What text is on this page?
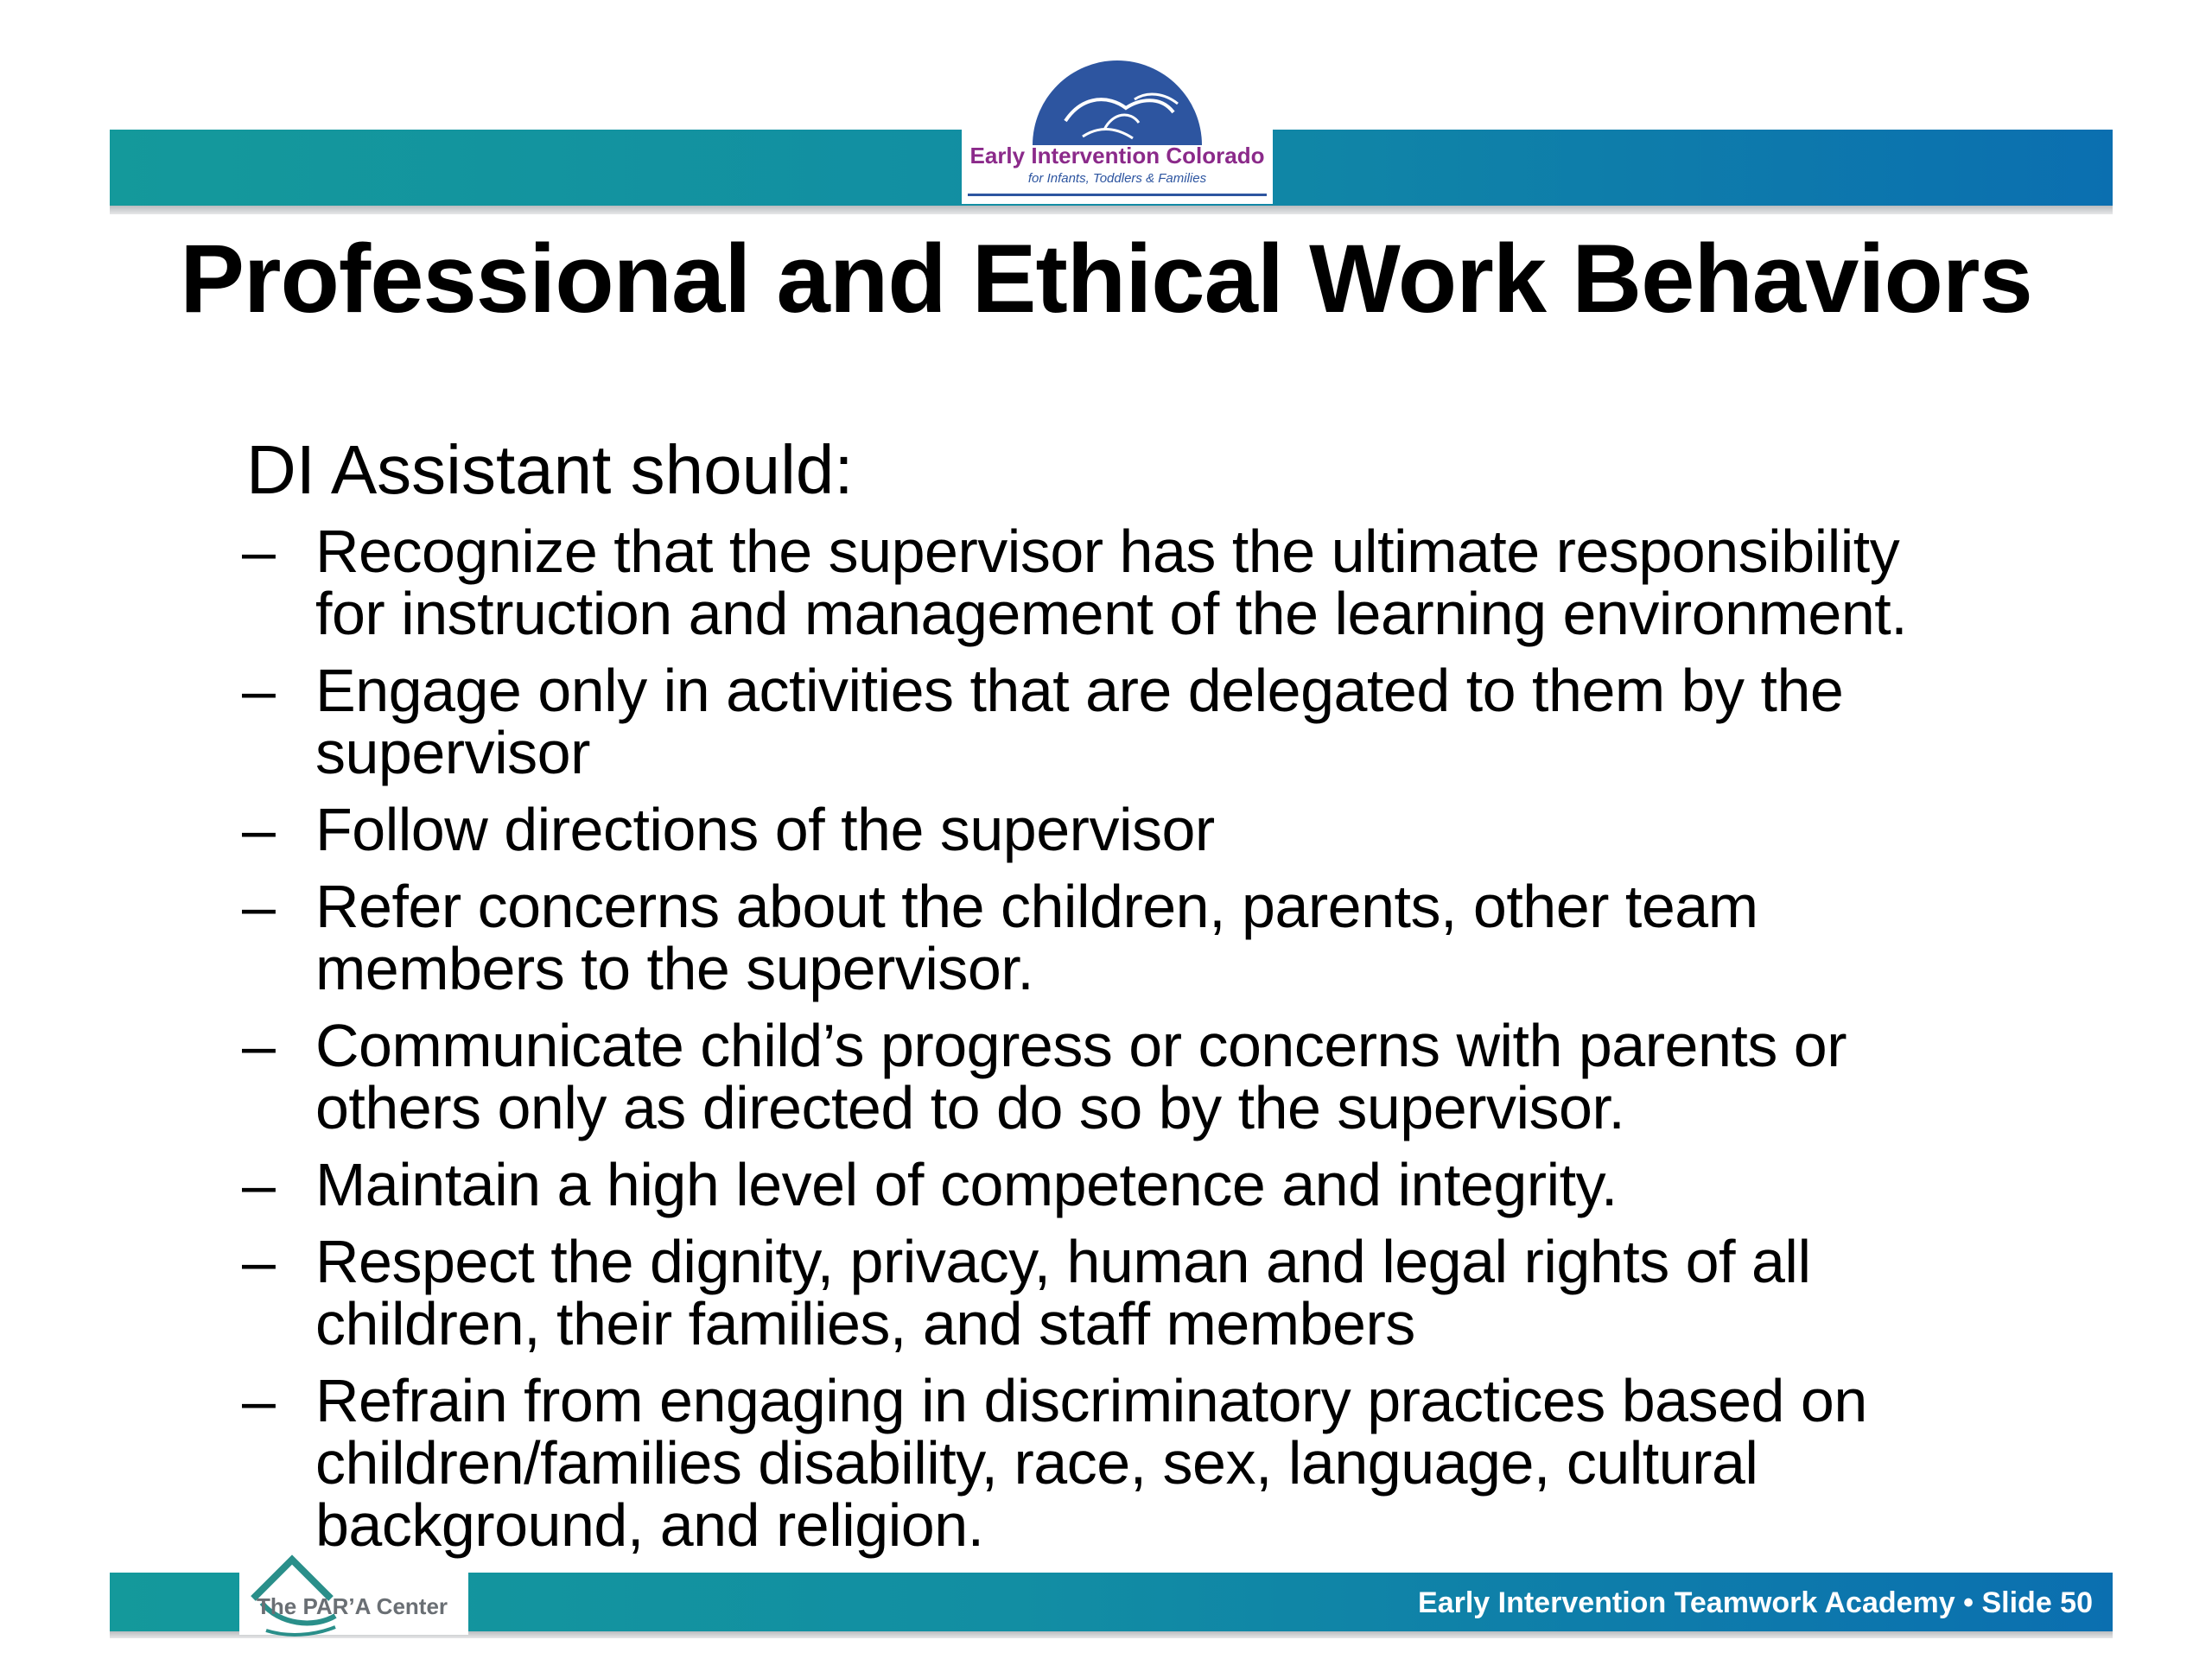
Early Intervention Colorado
for Infants, Toddlers & Families
Professional and Ethical Work Behaviors
DI Assistant should:
– Recognize that the supervisor has the ultimate responsibility
for instruction and management of the learning environment.
– Engage only in activities that are delegated to them by the
supervisor
– Follow directions of the supervisor
– Refer concerns about the children, parents, other team
members to the supervisor.
– Communicate child’s progress or concerns with parents or
others only as directed to do so by the supervisor.
– Maintain a high level of competence and integrity.
– Respect the dignity, privacy, human and legal rights of all
children, their families, and staff members
– Refrain from engaging in discriminatory practices based on
children/families disability, race, sex, language, cultural
background, and religion.
The PAR’A Center	Early Intervention Teamwork Academy • Slide 50
